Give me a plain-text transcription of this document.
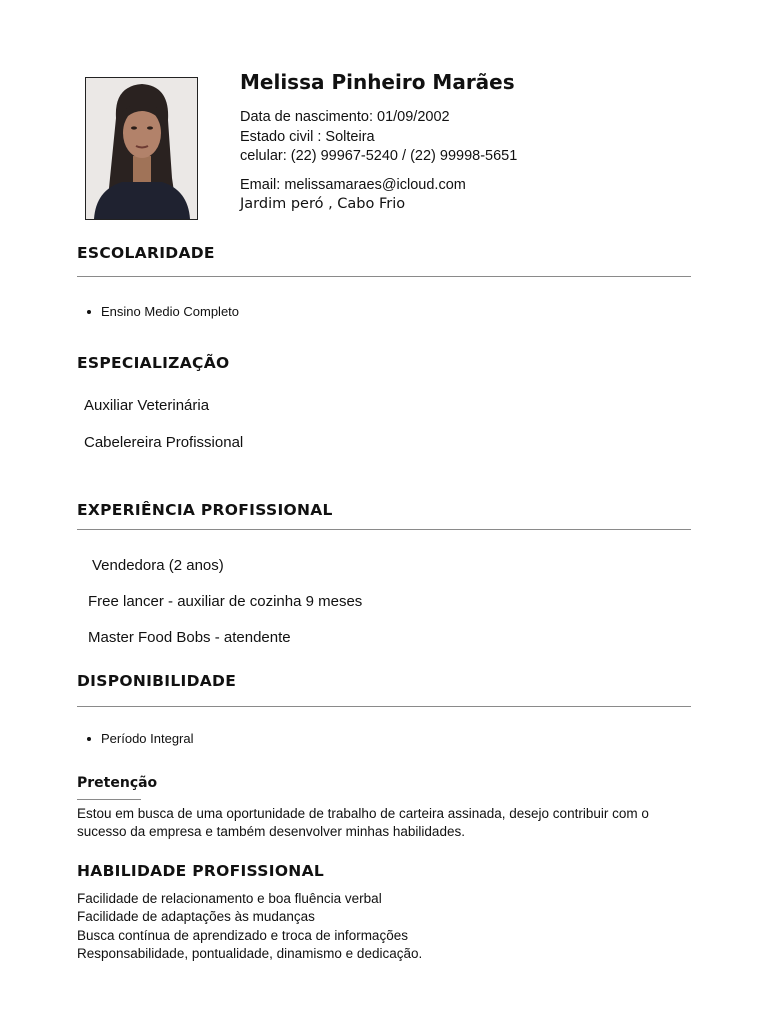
Melissa Pinheiro Marães
Data de nascimento: 01/09/2002
Estado civil : Solteira
celular: (22) 99967-5240 / (22) 99998-5651
Email: melissamaraes@icloud.com
Jardim peró , Cabo Frio
ESCOLARIDADE
Ensino Medio Completo
ESPECIALIZAÇÃO
Auxiliar Veterinária
Cabelereira Profissional
EXPERIÊNCIA PROFISSIONAL
Vendedora (2 anos)
Free lancer - auxiliar de cozinha 9 meses
Master Food Bobs - atendente
DISPONIBILIDADE
Período Integral
Pretenção
Estou em busca de uma oportunidade de trabalho de carteira assinada, desejo contribuir com o sucesso da empresa e também desenvolver minhas habilidades.
HABILIDADE PROFISSIONAL
Facilidade de relacionamento e boa fluência verbal
Facilidade de adaptações às mudanças
Busca contínua de aprendizado e troca de informações
Responsabilidade, pontualidade, dinamismo e dedicação.
